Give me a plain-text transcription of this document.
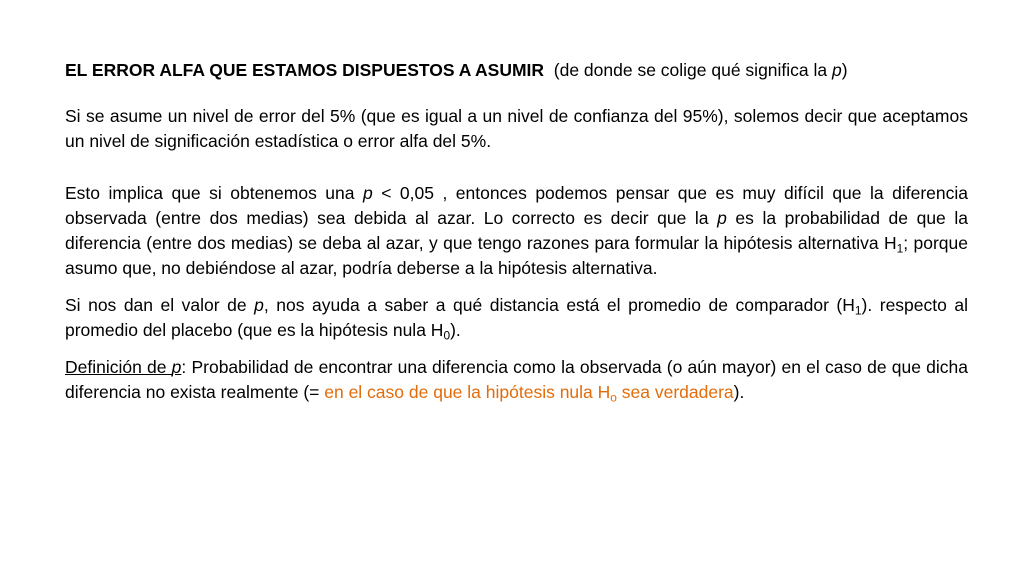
EL ERROR ALFA QUE ESTAMOS DISPUESTOS A ASUMIR (de donde se colige qué significa la p)

Si se asume un nivel de error del 5% (que es igual a un nivel de confianza del 95%), solemos decir que aceptamos un nivel de significación estadística o error alfa del 5%.

Esto implica que si obtenemos una p < 0,05 , entonces podemos pensar que es muy difícil que la diferencia observada (entre dos medias) sea debida al azar. Lo correcto es decir que la p es la probabilidad de que la diferencia (entre dos medias) se deba al azar, y que tengo razones para formular la hipótesis alternativa $H_1$; porque asumo que, no debiéndose al azar, podría deberse a la hipótesis alternativa.

Si nos dan el valor de p, nos ayuda a saber a qué distancia está el promedio de comparador $(H_1)$. respecto al promedio del placebo (que es la hipótesis nula $H_0$).

Definición de p: Probabilidad de encontrar una diferencia como la observada (o aún mayor) en el caso de que dicha diferencia no exista realmente (= en el caso de que la hipótesis nula $H_o$ sea verdadera).
